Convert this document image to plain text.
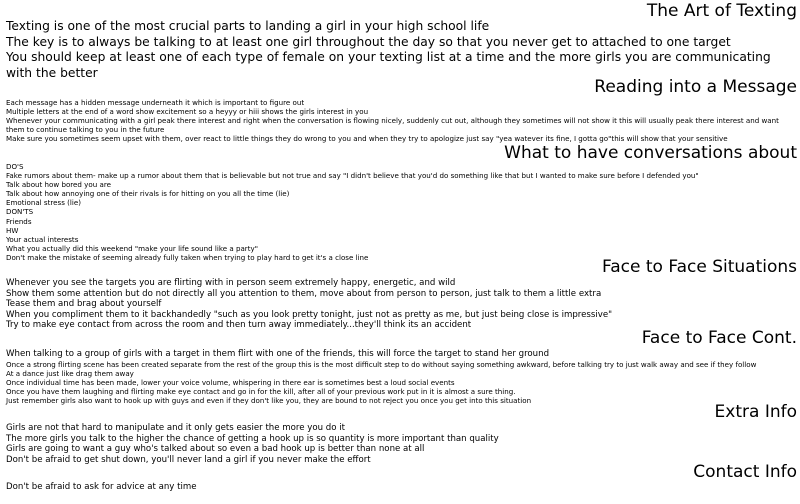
The Art of Texting
Texting is one of the most crucial parts to landing a girl in your high school life
The key is to always be talking to at least one girl throughout the day so that you never get to attached to one target
You should keep at least one of each type of female on your texting list at a time and the more girls you are communicating with the better
Reading into a Message
Each message has a hidden message underneath it which is important to figure out
Multiple letters at the end of a word show excitement so a heyyy or hiii shows the girls interest in you
Whenever your communicating with a girl peak there interest and right when the conversation is flowing nicely, suddenly cut out, although they sometimes will not show it this will usually peak there interest and want them to continue talking to you in the future
Make sure you sometimes seem upset with them, over react to little things they do wrong to you and when they try to apologize just say "yea watever its fine, I gotta go"this will show that your sensitive
What to have conversations about
DO'S
Fake rumors about them- make up a rumor about them that is believable but not true and say "I didn't believe that you'd do something like that but I wanted to make sure before I defended you"
Talk about how bored you are
Talk about how annoying one of their rivals is for hitting on you all the time (lie)
Emotional stress (lie)
DON'TS
Friends
HW
Your actual interests
What you actually did this weekend "make your life sound like a party"
Don't make the mistake of seeming already fully taken when trying to play hard to get it's a close line	Face to Face Situations
Whenever you see the targets you are flirting with in person seem extremely happy, energetic, and wild
Show them some attention but do not directly all you attention to them, move about from person to person, just talk to them a little extra
Tease them and brag about yourself
When you compliment them to it backhandedly "such as you look pretty tonight, just not as pretty as me, but just being close is impressive"
Try to make eye contact from across the room and then turn away immediately...they'll think its an accident
Face to Face Cont.
When talking to a group of girls with a target in them flirt with one of the friends, this will force the target to stand her ground
Once a strong flirting scene has been created separate from the rest of the group this is the most difficult step to do without saying something awkward, before talking try to just walk away and see if they follow
At a dance just like drag them away
Once individual time has been made, lower your voice volume, whispering in there ear is sometimes best a loud social events
Once you have them laughing and flirting make eye contact and go in for the kill, after all of your previous work put in it is almost a sure thing.
Just remember girls also want to hook up with guys and even if they don't like you, they are bound to not reject you once you get into this situation
Extra Info
Girls are not that hard to manipulate and it only gets easier the more you do it
The more girls you talk to the higher the chance of getting a hook up is so quantity is more important than quality
Girls are going to want a guy who's talked about so even a bad hook up is better than none at all
Don't be afraid to get shut down, you'll never land a girl if you never make the effort
Contact Info
Don't be afraid to ask for advice at any time
